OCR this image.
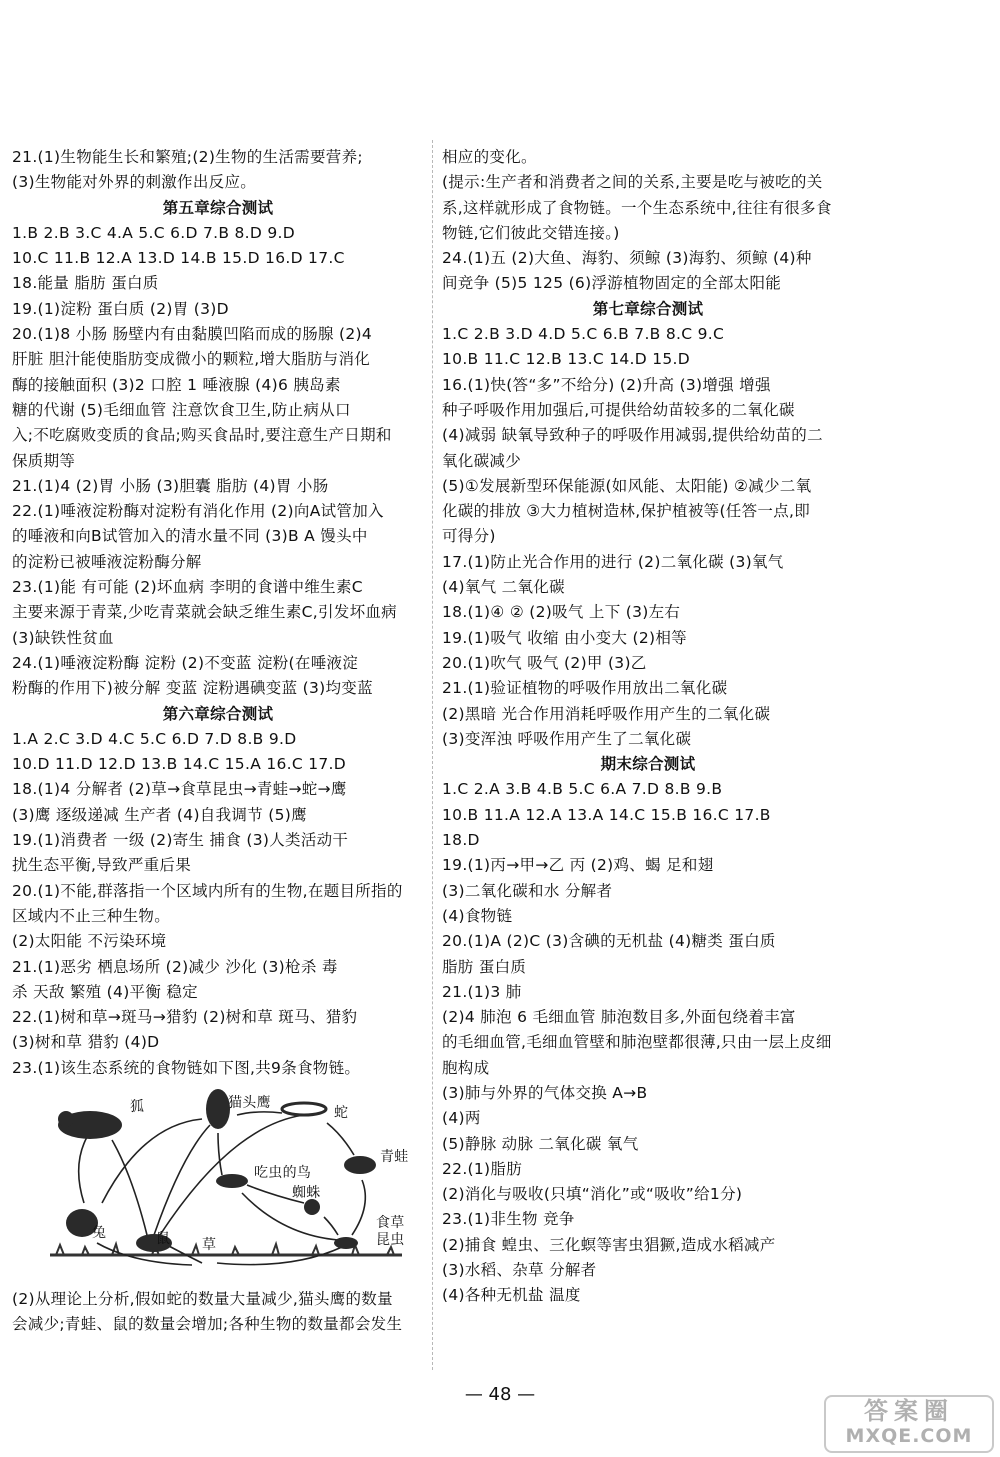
21.(1)生物能生长和繁殖;(2)生物的生活需要营养;
(3)生物能对外界的刺激作出反应。
第五章综合测试
1.B 2.B 3.C 4.A 5.C 6.D 7.B 8.D 9.D
10.C 11.B 12.A 13.D 14.B 15.D 16.D 17.C
18.能量 脂肪 蛋白质
19.(1)淀粉 蛋白质 (2)胃 (3)D
20.(1)8 小肠 肠壁内有由黏膜凹陷而成的肠腺 (2)4
肝脏 胆汁能使脂肪变成微小的颗粒,增大脂肪与消化
酶的接触面积 (3)2 口腔 1 唾液腺 (4)6 胰岛素
糖的代谢 (5)毛细血管 注意饮食卫生,防止病从口
入;不吃腐败变质的食品;购买食品时,要注意生产日期和
保质期等
21.(1)4 (2)胃 小肠 (3)胆囊 脂肪 (4)胃 小肠
22.(1)唾液淀粉酶对淀粉有消化作用 (2)向A试管加入
的唾液和向B试管加入的清水量不同 (3)B A 馒头中
的淀粉已被唾液淀粉酶分解
23.(1)能 有可能 (2)坏血病 李明的食谱中维生素C
主要来源于青菜,少吃青菜就会缺乏维生素C,引发坏血病
(3)缺铁性贫血
24.(1)唾液淀粉酶 淀粉 (2)不变蓝 淀粉(在唾液淀
粉酶的作用下)被分解 变蓝 淀粉遇碘变蓝 (3)均变蓝
第六章综合测试
1.A 2.C 3.D 4.C 5.C 6.D 7.D 8.B 9.D
10.D 11.D 12.D 13.B 14.C 15.A 16.C 17.D
18.(1)4 分解者 (2)草→食草昆虫→青蛙→蛇→鹰
(3)鹰 逐级递减 生产者 (4)自我调节 (5)鹰
19.(1)消费者 一级 (2)寄生 捕食 (3)人类活动干
扰生态平衡,导致严重后果
20.(1)不能,群落指一个区域内所有的生物,在题目所指的
区域内不止三种生物。
(2)太阳能 不污染环境
21.(1)恶劣 栖息场所 (2)减少 沙化 (3)枪杀 毒
杀 天敌 繁殖 (4)平衡 稳定
22.(1)树和草→斑马→猎豹 (2)树和草 斑马、猎豹
(3)树和草 猎豹 (4)D
23.(1)该生态系统的食物链如下图,共9条食物链。
狐	猫头鹰
蛇
青蛙
吃虫的鸟
蜘蛛
食草昆虫
兔	鼠 草
(2)从理论上分析,假如蛇的数量大量减少,猫头鹰的数量
会减少;青蛙、鼠的数量会增加;各种生物的数量都会发生
相应的变化。
(提示:生产者和消费者之间的关系,主要是吃与被吃的关
系,这样就形成了食物链。一个生态系统中,往往有很多食
物链,它们彼此交错连接。)
24.(1)五 (2)大鱼、海豹、须鲸 (3)海豹、须鲸 (4)种
间竞争 (5)5 125 (6)浮游植物固定的全部太阳能
第七章综合测试
1.C 2.B 3.D 4.D 5.C 6.B 7.B 8.C 9.C
10.B 11.C 12.B 13.C 14.D 15.D
16.(1)快(答“多”不给分) (2)升高 (3)增强 增强
种子呼吸作用加强后,可提供给幼苗较多的二氧化碳
(4)减弱 缺氧导致种子的呼吸作用减弱,提供给幼苗的二
氧化碳减少
(5)①发展新型环保能源(如风能、太阳能) ②减少二氧
化碳的排放 ③大力植树造林,保护植被等(任答一点,即
可得分)
17.(1)防止光合作用的进行 (2)二氧化碳 (3)氧气
(4)氧气 二氧化碳
18.(1)④ ② (2)吸气 上下 (3)左右
19.(1)吸气 收缩 由小变大 (2)相等
20.(1)吹气 吸气 (2)甲 (3)乙
21.(1)验证植物的呼吸作用放出二氧化碳
(2)黑暗 光合作用消耗呼吸作用产生的二氧化碳
(3)变浑浊 呼吸作用产生了二氧化碳
期末综合测试
1.C 2.A 3.B 4.B 5.C 6.A 7.D 8.B 9.B
10.B 11.A 12.A 13.A 14.C 15.B 16.C 17.B
18.D
19.(1)丙→甲→乙 丙 (2)鸡、蝎 足和翅
(3)二氧化碳和水 分解者
(4)食物链
20.(1)A (2)C (3)含碘的无机盐 (4)糖类 蛋白质
脂肪 蛋白质
21.(1)3 肺
(2)4 肺泡 6 毛细血管 肺泡数目多,外面包绕着丰富
的毛细血管,毛细血管壁和肺泡壁都很薄,只由一层上皮细
胞构成
(3)肺与外界的气体交换 A→B
(4)两
(5)静脉 动脉 二氧化碳 氧气
22.(1)脂肪
(2)消化与吸收(只填“消化”或“吸收”给1分)
23.(1)非生物 竞争
(2)捕食 蝗虫、三化螟等害虫猖獗,造成水稻减产
(3)水稻、杂草 分解者
(4)各种无机盐 温度
— 48 —
答案圈
MXQE.COM
